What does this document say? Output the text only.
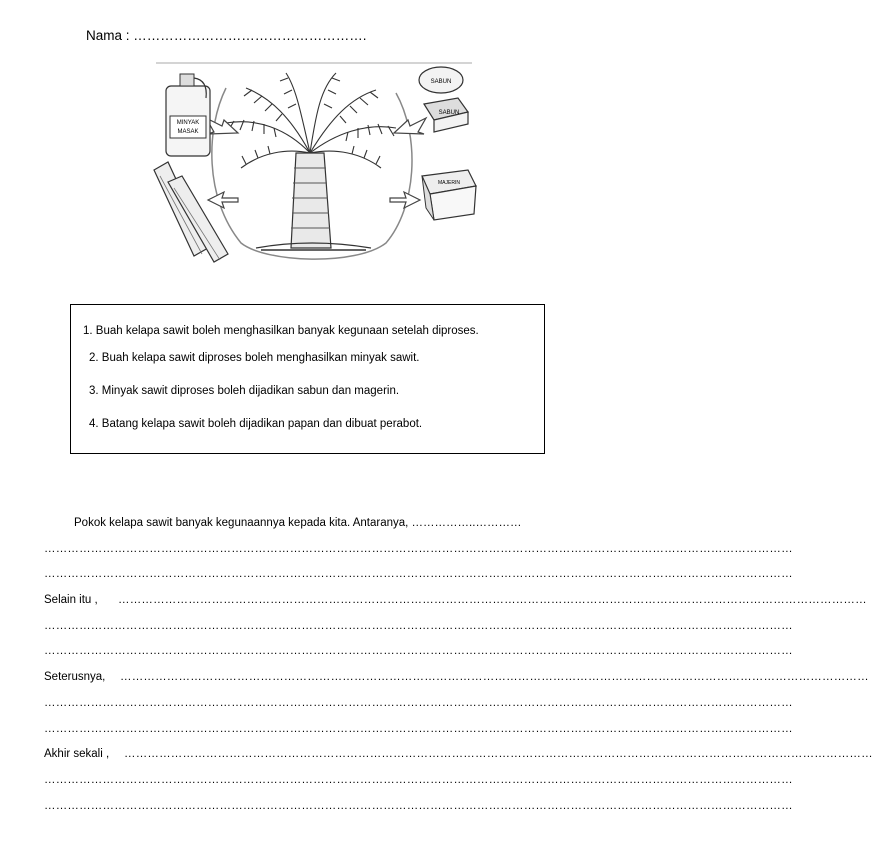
Nama : …………………………………………….
MINYAK
MASAK
SABUN
SABUN
MAJERIN
1. Buah kelapa sawit boleh menghasilkan banyak kegunaan setelah diproses.
2. Buah kelapa sawit diproses boleh menghasilkan minyak sawit.
3. Minyak sawit diproses boleh dijadikan sabun dan magerin.
4. Batang kelapa sawit boleh dijadikan papan dan dibuat perabot.
Pokok kelapa sawit banyak kegunaannya kepada kita. Antaranya, ……………..…………
…………………………………………………………………………………………………………………………………………………………………………
…………………………………………………………………………………………………………………………………………………………………………
Selain itu , …………………………………………………………………………………………………………………………………………………………………………
…………………………………………………………………………………………………………………………………………………………………………
…………………………………………………………………………………………………………………………………………………………………………
Seterusnya, …………………………………………………………………………………………………………………………………………………………………………
…………………………………………………………………………………………………………………………………………………………………………
…………………………………………………………………………………………………………………………………………………………………………
Akhir sekali , …………………………………………………………………………………………………………………………………………………………………………
…………………………………………………………………………………………………………………………………………………………………………
…………………………………………………………………………………………………………………………………………………………………………
